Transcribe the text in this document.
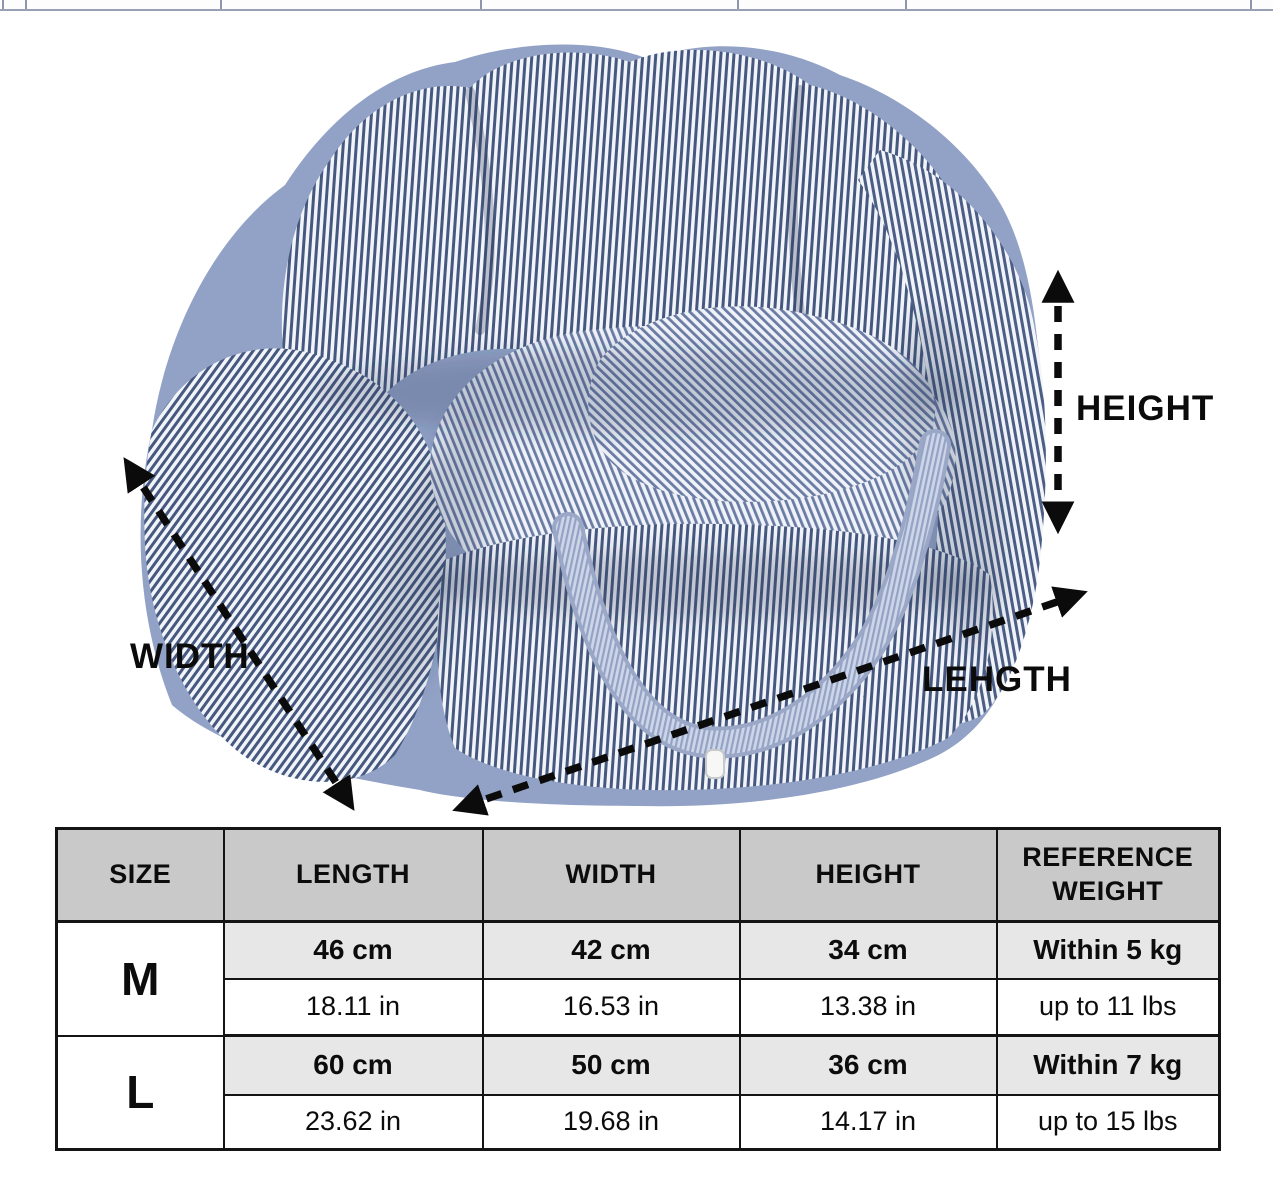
HEIGHT
WIDTH
LEHGTH
SIZE	LENGTH	WIDTH	HEIGHT	REFERENCE WEIGHT
M	46 cm	42 cm	34 cm	Within 5 kg
	18.11 in	16.53 in	13.38 in	up to 11 lbs
L	60 cm	50 cm	36 cm	Within 7 kg
	23.62 in	19.68 in	14.17 in	up to 15 lbs
